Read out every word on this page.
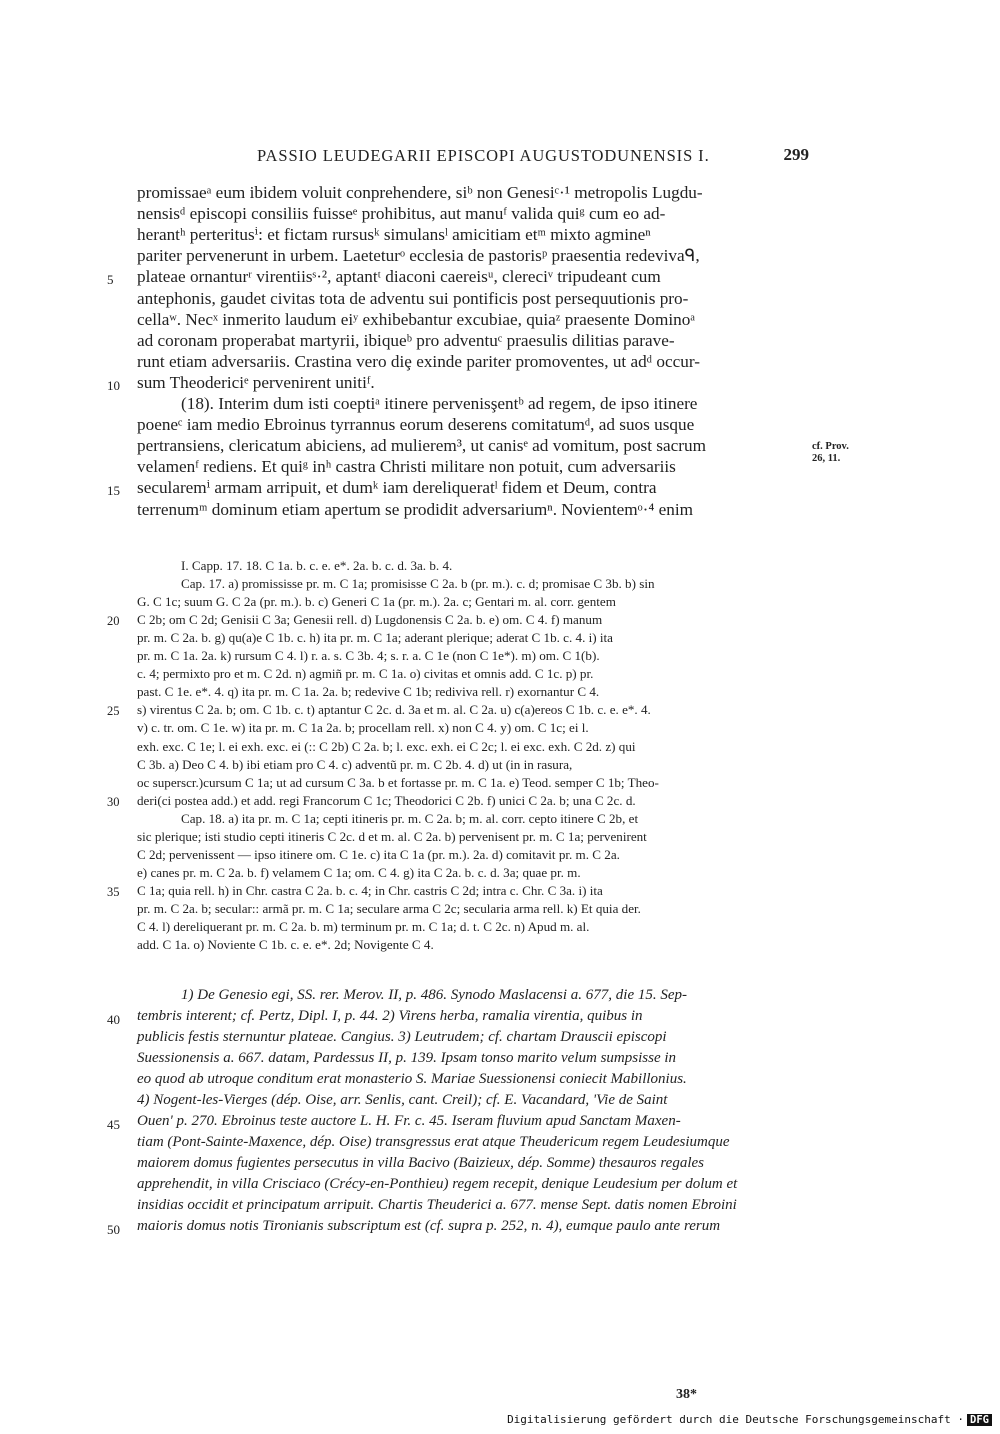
PASSIO LEUDEGARII EPISCOPI AUGUSTODUNENSIS I.	299
promissaeᵃ eum ibidem voluit conprehendere, siᵇ non Genesiᶜ·¹ metropolis Lugdu-
nensisᵈ episcopi consiliis fuisseᵉ prohibitus, aut manuᶠ valida quiᵍ cum eo ad-
herantʰ perteritusⁱ: et fictam rursusᵏ simulansˡ amicitiam etᵐ mixto agmineⁿ
pariter pervenerunt in urbem. Laeteturᵒ ecclesia de pastorisᵖ praesentia redevivaᑫ,
5	plateae ornanturʳ virentiisˢ·², aptantᵗ diaconi caereisᵘ, clereciᵛ tripudeant cum
antephonis, gaudet civitas tota de adventu sui pontificis post persequutionis pro-
cellaʷ. Necˣ inmerito laudum eiʸ exhibebantur excubiae, quiaᶻ praesente Dominoᵃ
ad coronam properabat martyrii, ibiqueᵇ pro adventuᶜ praesulis dilitias parave-
runt etiam adversariis. Crastina vero diȩ exinde pariter promoventes, ut adᵈ occur-
10 sum Theodericiᵉ pervenirent unitiᶠ.
(18). Interim dum isti coeptiᵃ itinere pervenisşentᵇ ad regem, de ipso itinere
poeneᶜ iam medio Ebroinus tyrrannus eorum deserens comitatumᵈ, ad suos usque
pertransiens, clericatum abiciens, ad mulierem³, ut canisᵉ ad vomitum, post sacrum
velamenᶠ rediens. Et quiᵍ inʰ castra Christi militare non potuit, cum adversariis
15 secularemⁱ armam arripuit, et dumᵏ iam dereliqueratˡ fidem et Deum, contra
terrenumᵐ dominum etiam apertum se prodidit adversariumⁿ. Novientemᵒ·⁴ enim
cf. Prov.
26, 11.
I. Capp. 17. 18. C 1a. b. c. e. e*. 2a. b. c. d. 3a. b. 4.
Cap. 17. a) promississe pr. m. C 1a; promisisse C 2a. b (pr. m.). c. d; promisae C 3b. b) sin
G. C 1c; suum G. C 2a (pr. m.). b. c) Generi C 1a (pr. m.). 2a. c; Gentari m. al. corr. gentem
20	C 2b; om C 2d; Genisii C 3a; Genesii rell. d) Lugdonensis C 2a. b. e) om. C 4. f) manum
pr. m. C 2a. b. g) qu(a)e C 1b. c. h) ita pr. m. C 1a; aderant plerique; aderat C 1b. c. 4. i) ita
pr. m. C 1a. 2a. k) rursum C 4. l) r. a. s. C 3b. 4; s. r. a. C 1e (non C 1e*). m) om. C 1(b).
c. 4; permixto pro et m. C 2d. n) agmiñ pr. m. C 1a. o) civitas et omnis add. C 1c. p) pr.
past. C 1e. e*. 4. q) ita pr. m. C 1a. 2a. b; redevive C 1b; rediviva rell. r) exornantur C 4.
25	s) virentus C 2a. b; om. C 1b. c. t) aptantur C 2c. d. 3a et m. al. C 2a. u) c(a)ereos C 1b. c. e. e*. 4.
v) c. tr. om. C 1e. w) ita pr. m. C 1a 2a. b; procellam rell. x) non C 4. y) om. C 1c; ei l.
exh. exc. C 1e; l. ei exh. exc. ei (:: C 2b) C 2a. b; l. exc. exh. ei C 2c; l. ei exc. exh. C 2d. z) qui
C 3b. a) Deo C 4. b) ibi etiam pro C 4. c) adventũ pr. m. C 2b. 4. d) ut (in in rasura,
oc superscr.)cursum C 1a; ut ad cursum C 3a. b et fortasse pr. m. C 1a. e) Teod. semper C 1b; Theo-
30	deri(ci postea add.) et add. regi Francorum C 1c; Theodorici C 2b. f) unici C 2a. b; una C 2c. d.
Cap. 18. a) ita pr. m. C 1a; cepti itineris pr. m. C 2a. b; m. al. corr. cepto itinere C 2b, et
sic plerique; isti studio cepti itineris C 2c. d et m. al. C 2a. b) pervenisent pr. m. C 1a; pervenirent
C 2d; pervenissent — ipso itinere om. C 1e. c) ita C 1a (pr. m.). 2a. d) comitavit pr. m. C 2a.
e) canes pr. m. C 2a. b. f) velamem C 1a; om. C 4. g) ita C 2a. b. c. d. 3a; quae pr. m.
35	C 1a; quia rell. h) in Chr. castra C 2a. b. c. 4; in Chr. castris C 2d; intra c. Chr. C 3a. i) ita
pr. m. C 2a. b; secular:: armã pr. m. C 1a; seculare arma C 2c; secularia arma rell. k) Et quia der.
C 4. l) dereliquerant pr. m. C 2a. b. m) terminum pr. m. C 1a; d. t. C 2c. n) Apud m. al.
add. C 1a. o) Noviente C 1b. c. e. e*. 2d; Novigente C 4.
1) De Genesio egi, SS. rer. Merov. II, p. 486. Synodo Maslacensi a. 677, die 15. Sep-
40	tembris interent; cf. Pertz, Dipl. I, p. 44. 2) Virens herba, ramalia virentia, quibus in
publicis festis sternuntur plateae. Cangius. 3) Leutrudem; cf. chartam Drauscii episcopi
Suessionensis a. 667. datam, Pardessus II, p. 139. Ipsam tonso marito velum sumpsisse in
eo quod ab utroque conditum erat monasterio S. Mariae Suessionensi coniecit Mabillonius.
4) Nogent-les-Vierges (dép. Oise, arr. Senlis, cant. Creil); cf. E. Vacandard, 'Vie de Saint
45	Ouen' p. 270. Ebroinus teste auctore L. H. Fr. c. 45. Iseram fluvium apud Sanctam Maxen-
tiam (Pont-Sainte-Maxence, dép. Oise) transgressus erat atque Theudericum regem Leudesiumque
maiorem domus fugientes persecutus in villa Bacivo (Baizieux, dép. Somme) thesauros regales
apprehendit, in villa Crisciaco (Crécy-en-Ponthieu) regem recepit, denique Leudesium per dolum et
insidias occidit et principatum arripuit. Chartis Theuderici a. 677. mense Sept. datis nomen Ebroini
50	maioris domus notis Tironianis subscriptum est (cf. supra p. 252, n. 4), eumque paulo ante rerum
38*
Digitalisierung gefördert durch die Deutsche Forschungsgemeinschaft · DFG
